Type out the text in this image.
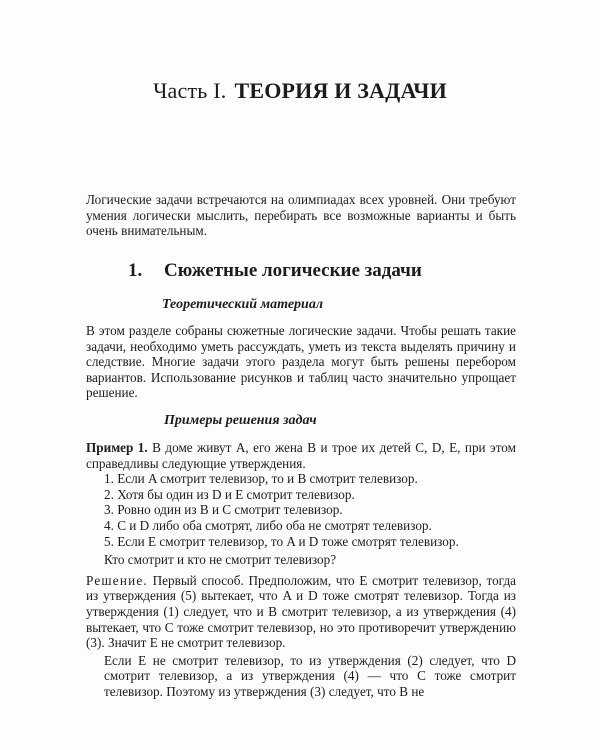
Часть I. ТЕОРИЯ И ЗАДАЧИ
Логические задачи встречаются на олимпиадах всех уровней. Они требуют умения логически мыслить, перебирать все возможные варианты и быть очень внимательным.
1. Сюжетные логические задачи
Теоретический материал
В этом разделе собраны сюжетные логические задачи. Чтобы решать такие задачи, необходимо уметь рассуждать, уметь из текста выделять причину и следствие. Многие задачи этого раздела могут быть решены перебором вариантов. Использование рисунков и таблиц часто значительно упрощает решение.
Примеры решения задач
Пример 1. В доме живут A, его жена B и трое их детей C, D, E, при этом справедливы следующие утверждения.
1. Если A смотрит телевизор, то и B смотрит телевизор.
2. Хотя бы один из D и E смотрит телевизор.
3. Ровно один из B и C смотрит телевизор.
4. C и D либо оба смотрят, либо оба не смотрят телевизор.
5. Если E смотрит телевизор, то A и D тоже смотрят телевизор.
Кто смотрит и кто не смотрит телевизор?
Решение. Первый способ. Предположим, что E смотрит телевизор, тогда из утверждения (5) вытекает, что A и D тоже смотрят телевизор. Тогда из утверждения (1) следует, что и B смотрит телевизор, а из утверждения (4) вытекает, что C тоже смотрит телевизор, но это противоречит утверждению (3). Значит E не смотрит телевизор.
Если E не смотрит телевизор, то из утверждения (2) следует, что D смотрит телевизор, а из утверждения (4) — что C тоже смотрит телевизор. Поэтому из утверждения (3) следует, что B не
